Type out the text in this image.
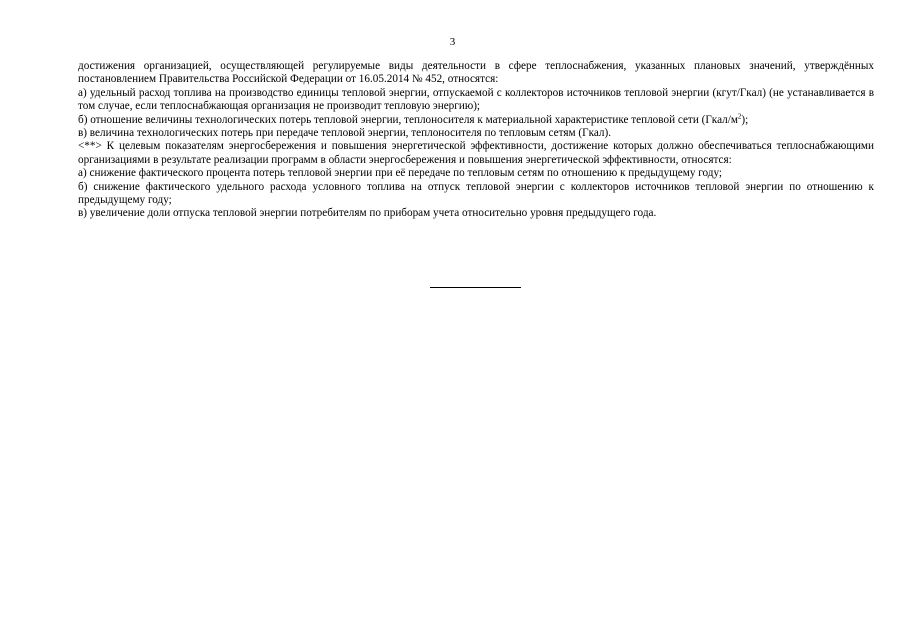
3

достижения организацией, осуществляющей регулируемые виды деятельности в сфере теплоснабжения, указанных плановых значений, утверждённых постановлением Правительства Российской Федерации от 16.05.2014 № 452, относятся:

а) удельный расход топлива на производство единицы тепловой энергии, отпускаемой с коллекторов источников тепловой энергии (кгут/Гкал) (не устанавливается в том случае, если теплоснабжающая организация не производит тепловую энергию);

б) отношение величины технологических потерь тепловой энергии, теплоносителя к материальной характеристике тепловой сети $(Гкал/м^2)$;

в) величина технологических потерь при передаче тепловой энергии, теплоносителя по тепловым сетям (Гкал).

<**> К целевым показателям энергосбережения и повышения энергетической эффективности, достижение которых должно обеспечиваться теплоснабжающими организациями в результате реализации программ в области энергосбережения и повышения энергетической эффективности, относятся:

а) снижение фактического процента потерь тепловой энергии при её передаче по тепловым сетям по отношению к предыдущему году;

б) снижение фактического удельного расхода условного топлива на отпуск тепловой энергии с коллекторов источников тепловой энергии по отношению к предыдущему году;

в) увеличение доли отпуска тепловой энергии потребителям по приборам учета относительно уровня предыдущего года.
